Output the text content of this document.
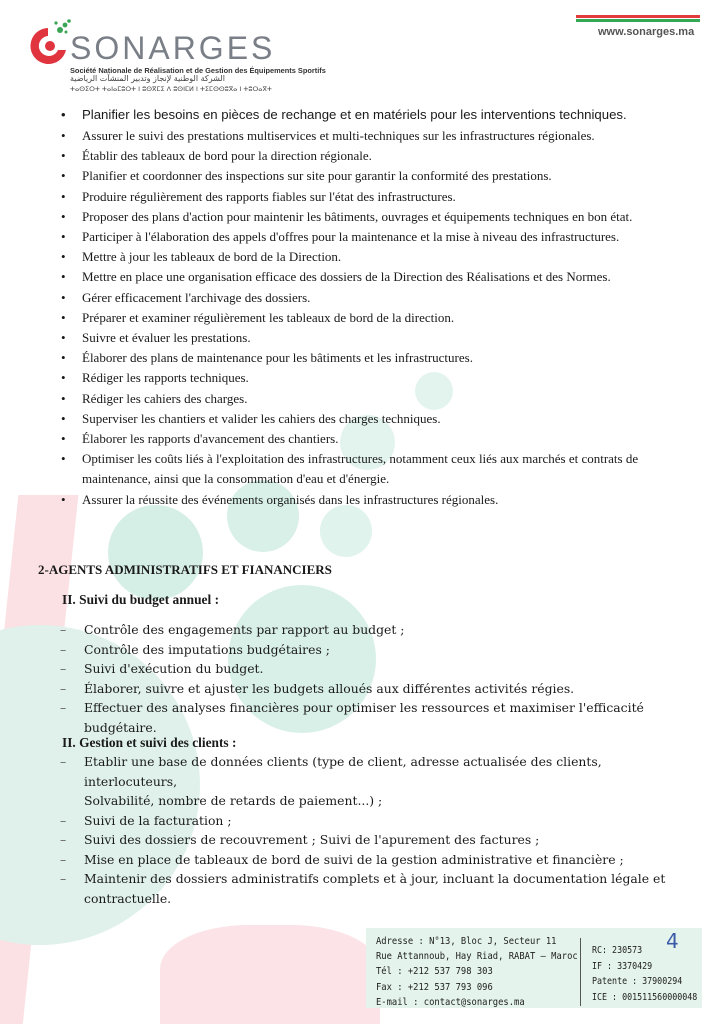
SONARGES
Société Nationale de Réalisation et de Gestion des Équipements Sportifs
الشركة الوطنية لإنجاز وتدبير المنشآت الرياضية
ⵜⴰⵙⵉⵔⵜ ⵜⴰⵏⴰⵎⵓⵔⵜ ⵏ ⵓⵙⴳⵎⵉ ⴷ ⵓⵙⵏⵎⵍ ⵏ ⵜⵉⵎⵙⵙⵓⴳⴰ ⵏ ⵜⵓⵔⴰⴳⵜ
www.sonarges.ma
• Planifier les besoins en pièces de rechange et en matériels pour les interventions techniques.
• Assurer le suivi des prestations multiservices et multi-techniques sur les infrastructures régionales.
• Établir des tableaux de bord pour la direction régionale.
• Planifier et coordonner des inspections sur site pour garantir la conformité des prestations.
• Produire régulièrement des rapports fiables sur l'état des infrastructures.
• Proposer des plans d'action pour maintenir les bâtiments, ouvrages et équipements techniques en bon état.
• Participer à l'élaboration des appels d'offres pour la maintenance et la mise à niveau des infrastructures.
• Mettre à jour les tableaux de bord de la Direction.
• Mettre en place une organisation efficace des dossiers de la Direction des Réalisations et des Normes.
• Gérer efficacement l'archivage des dossiers.
• Préparer et examiner régulièrement les tableaux de bord de la direction.
• Suivre et évaluer les prestations.
• Élaborer des plans de maintenance pour les bâtiments et les infrastructures.
• Rédiger les rapports techniques.
• Rédiger les cahiers des charges.
• Superviser les chantiers et valider les cahiers des charges techniques.
• Élaborer les rapports d'avancement des chantiers.
• Optimiser les coûts liés à l'exploitation des infrastructures, notamment ceux liés aux marchés et contrats de maintenance, ainsi que la consommation d'eau et d'énergie.
• Assurer la réussite des événements organisés dans les infrastructures régionales.
2-AGENTS ADMINISTRATIFS ET FIANANCIERS
II. Suivi du budget annuel :
– Contrôle des engagements par rapport au budget ;
– Contrôle des imputations budgétaires ;
– Suivi d'exécution du budget.
– Élaborer, suivre et ajuster les budgets alloués aux différentes activités régies.
– Effectuer des analyses financières pour optimiser les ressources et maximiser l'efficacité budgétaire.
II. Gestion et suivi des clients :
– Etablir une base de données clients (type de client, adresse actualisée des clients, interlocuteurs,
Solvabilité, nombre de retards de paiement...) ;
– Suivi de la facturation ;
– Suivi des dossiers de recouvrement ; Suivi de l'apurement des factures ;
– Mise en place de tableaux de bord de suivi de la gestion administrative et financière ;
– Maintenir des dossiers administratifs complets et à jour, incluant la documentation légale et contractuelle.
Adresse : N°13, Bloc J, Secteur 11
Rue Attannoub, Hay Riad, RABAT – Maroc
Tél : +212 537 798 303
Fax : +212 537 793 096
E-mail : contact@sonarges.ma
RC: 230573
IF : 3370429
Patente : 37900294
ICE : 001511560000048
4
